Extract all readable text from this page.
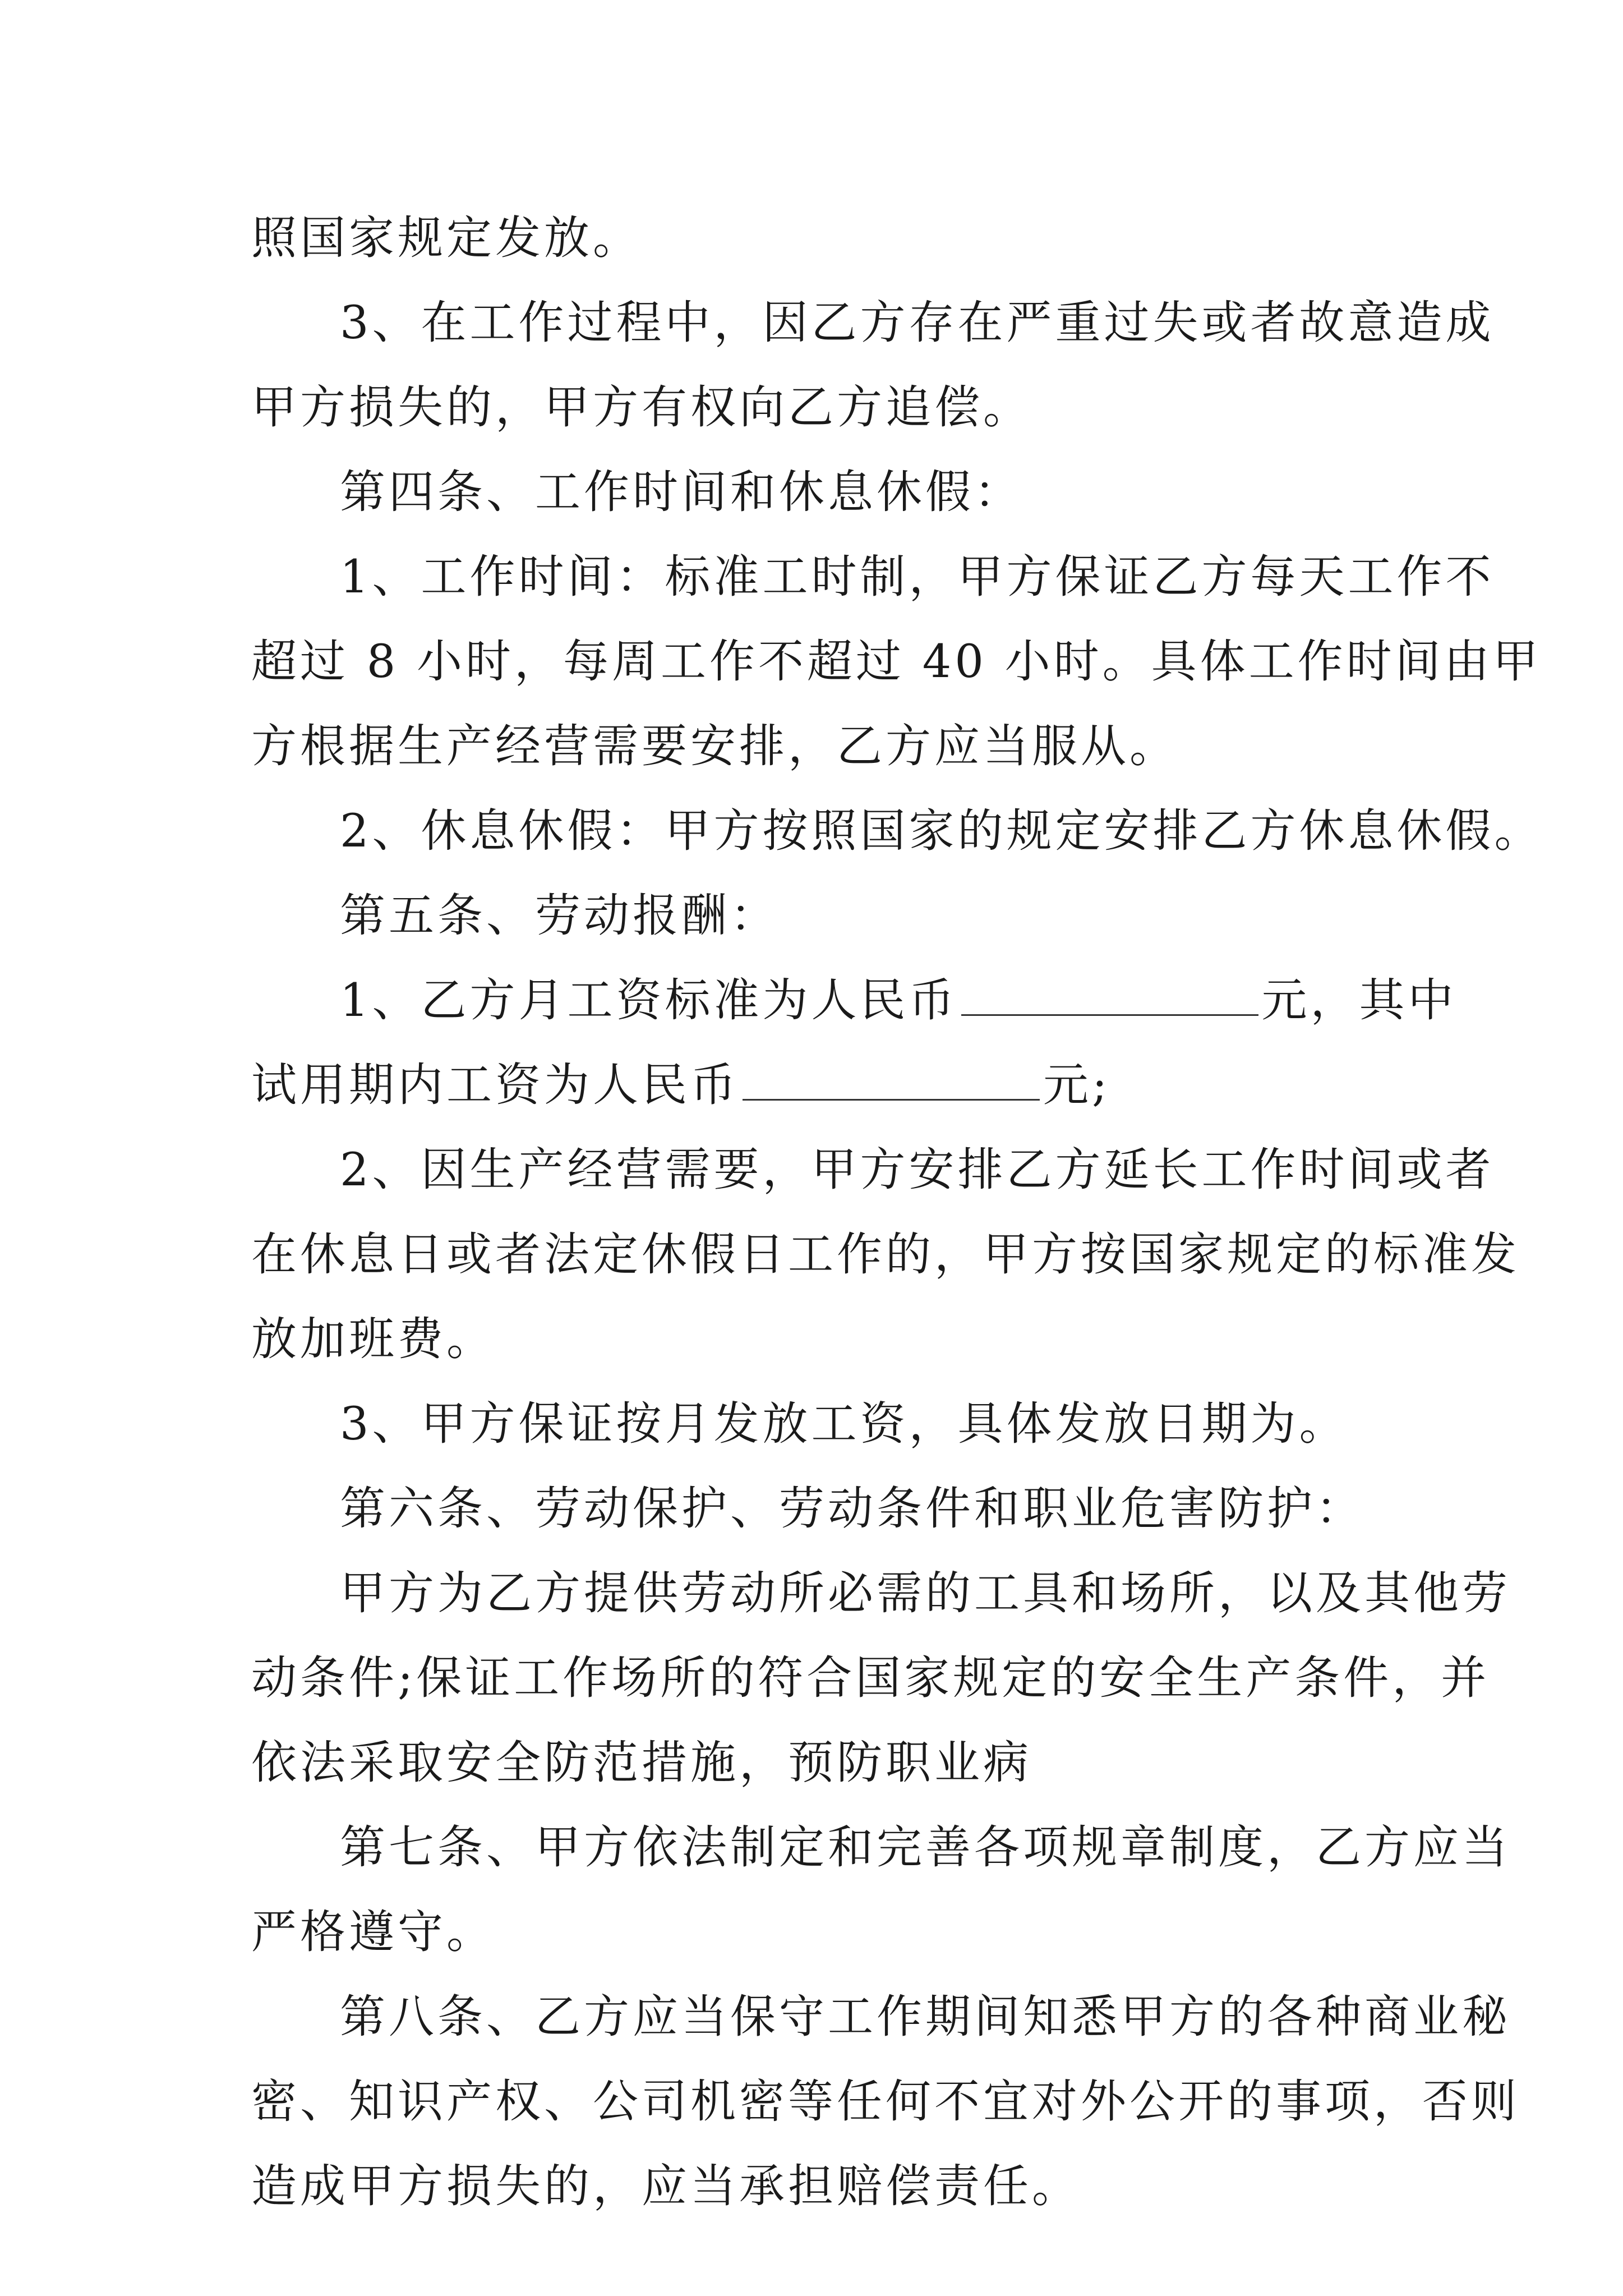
照国家规定发放。
3、在工作过程中，因乙方存在严重过失或者故意造成
甲方损失的，甲方有权向乙方追偿。
第四条、工作时间和休息休假：
1、工作时间：标准工时制，甲方保证乙方每天工作不
超过 8 小时，每周工作不超过 40 小时。具体工作时间由甲
方根据生产经营需要安排，乙方应当服从。
2、休息休假：甲方按照国家的规定安排乙方休息休假。
第五条、劳动报酬：
1、乙方月工资标准为人民币	元，其中
试用期内工资为人民币	元;
2、因生产经营需要，甲方安排乙方延长工作时间或者
在休息日或者法定休假日工作的，甲方按国家规定的标准发
放加班费。
3、甲方保证按月发放工资，具体发放日期为。
第六条、劳动保护、劳动条件和职业危害防护：
甲方为乙方提供劳动所必需的工具和场所，以及其他劳
动条件;保证工作场所的符合国家规定的安全生产条件，并
依法采取安全防范措施，预防职业病
第七条、甲方依法制定和完善各项规章制度，乙方应当
严格遵守。
第八条、乙方应当保守工作期间知悉甲方的各种商业秘
密、知识产权、公司机密等任何不宜对外公开的事项，否则
造成甲方损失的，应当承担赔偿责任。
